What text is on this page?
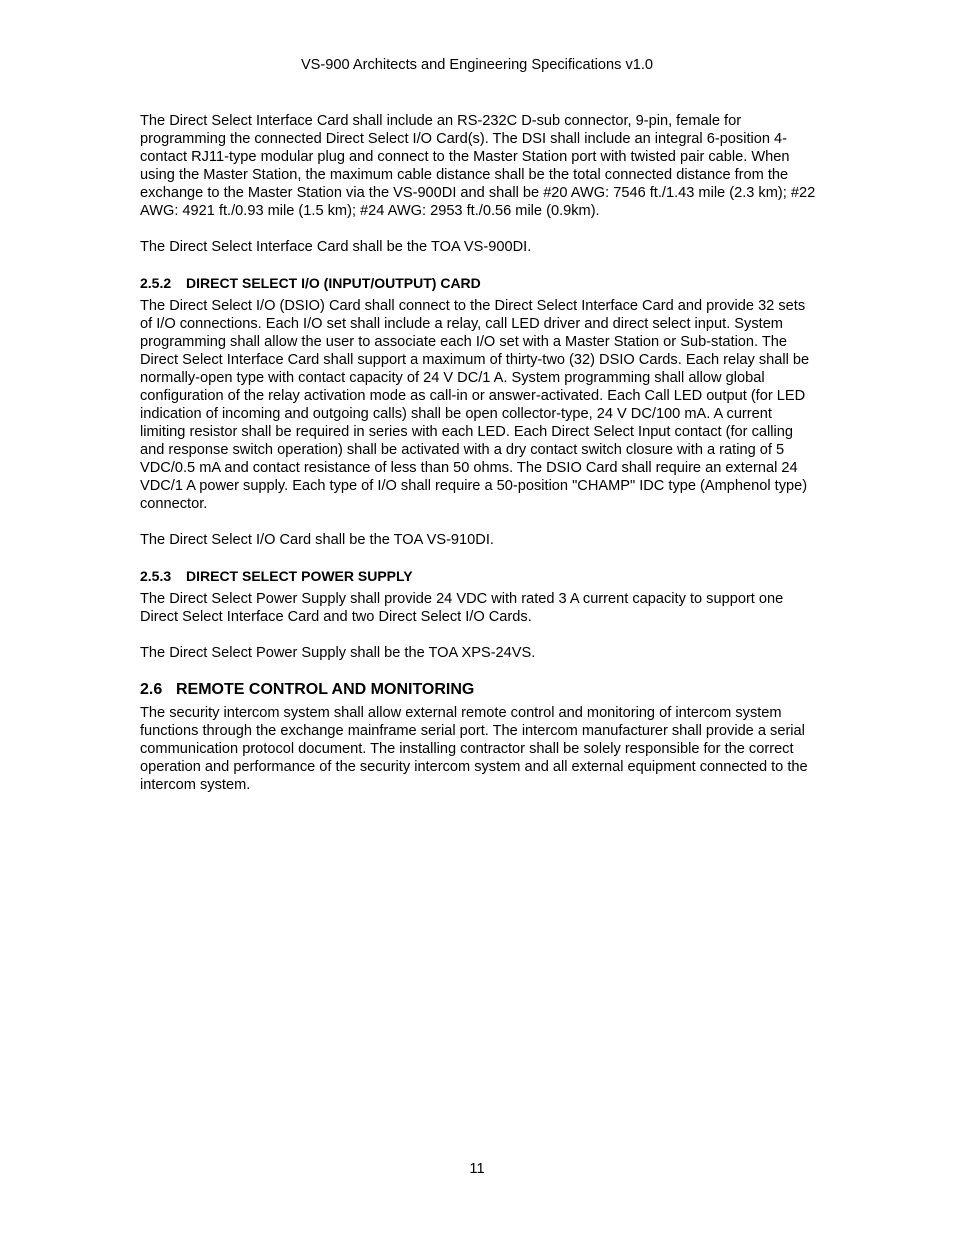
VS-900 Architects and Engineering Specifications v1.0

The Direct Select Interface Card shall include an RS-232C D-sub connector, 9-pin, female for programming the connected Direct Select I/O Card(s). The DSI shall include an integral 6-position 4-contact RJ11-type modular plug and connect to the Master Station port with twisted pair cable. When using the Master Station, the maximum cable distance shall be the total connected distance from the exchange to the Master Station via the VS-900DI and shall be #20 AWG: 7546 ft./1.43 mile (2.3 km); #22 AWG: 4921 ft./0.93 mile (1.5 km); #24 AWG: 2953 ft./0.56 mile (0.9km).

The Direct Select Interface Card shall be the TOA VS-900DI.

2.5.2 DIRECT SELECT I/O (INPUT/OUTPUT) CARD

The Direct Select I/O (DSIO) Card shall connect to the Direct Select Interface Card and provide 32 sets of I/O connections. Each I/O set shall include a relay, call LED driver and direct select input. System programming shall allow the user to associate each I/O set with a Master Station or Sub-station. The Direct Select Interface Card shall support a maximum of thirty-two (32) DSIO Cards. Each relay shall be normally-open type with contact capacity of 24 V DC/1 A. System programming shall allow global configuration of the relay activation mode as call-in or answer-activated. Each Call LED output (for LED indication of incoming and outgoing calls) shall be open collector-type, 24 V DC/100 mA. A current limiting resistor shall be required in series with each LED. Each Direct Select Input contact (for calling and response switch operation) shall be activated with a dry contact switch closure with a rating of 5 VDC/0.5 mA and contact resistance of less than 50 ohms. The DSIO Card shall require an external 24 VDC/1 A power supply. Each type of I/O shall require a 50-position "CHAMP" IDC type (Amphenol type) connector.

The Direct Select I/O Card shall be the TOA VS-910DI.

2.5.3 DIRECT SELECT POWER SUPPLY

The Direct Select Power Supply shall provide 24 VDC with rated 3 A current capacity to support one Direct Select Interface Card and two Direct Select I/O Cards.

The Direct Select Power Supply shall be the TOA XPS-24VS.

2.6 REMOTE CONTROL AND MONITORING

The security intercom system shall allow external remote control and monitoring of intercom system functions through the exchange mainframe serial port. The intercom manufacturer shall provide a serial communication protocol document. The installing contractor shall be solely responsible for the correct operation and performance of the security intercom system and all external equipment connected to the intercom system.

11
